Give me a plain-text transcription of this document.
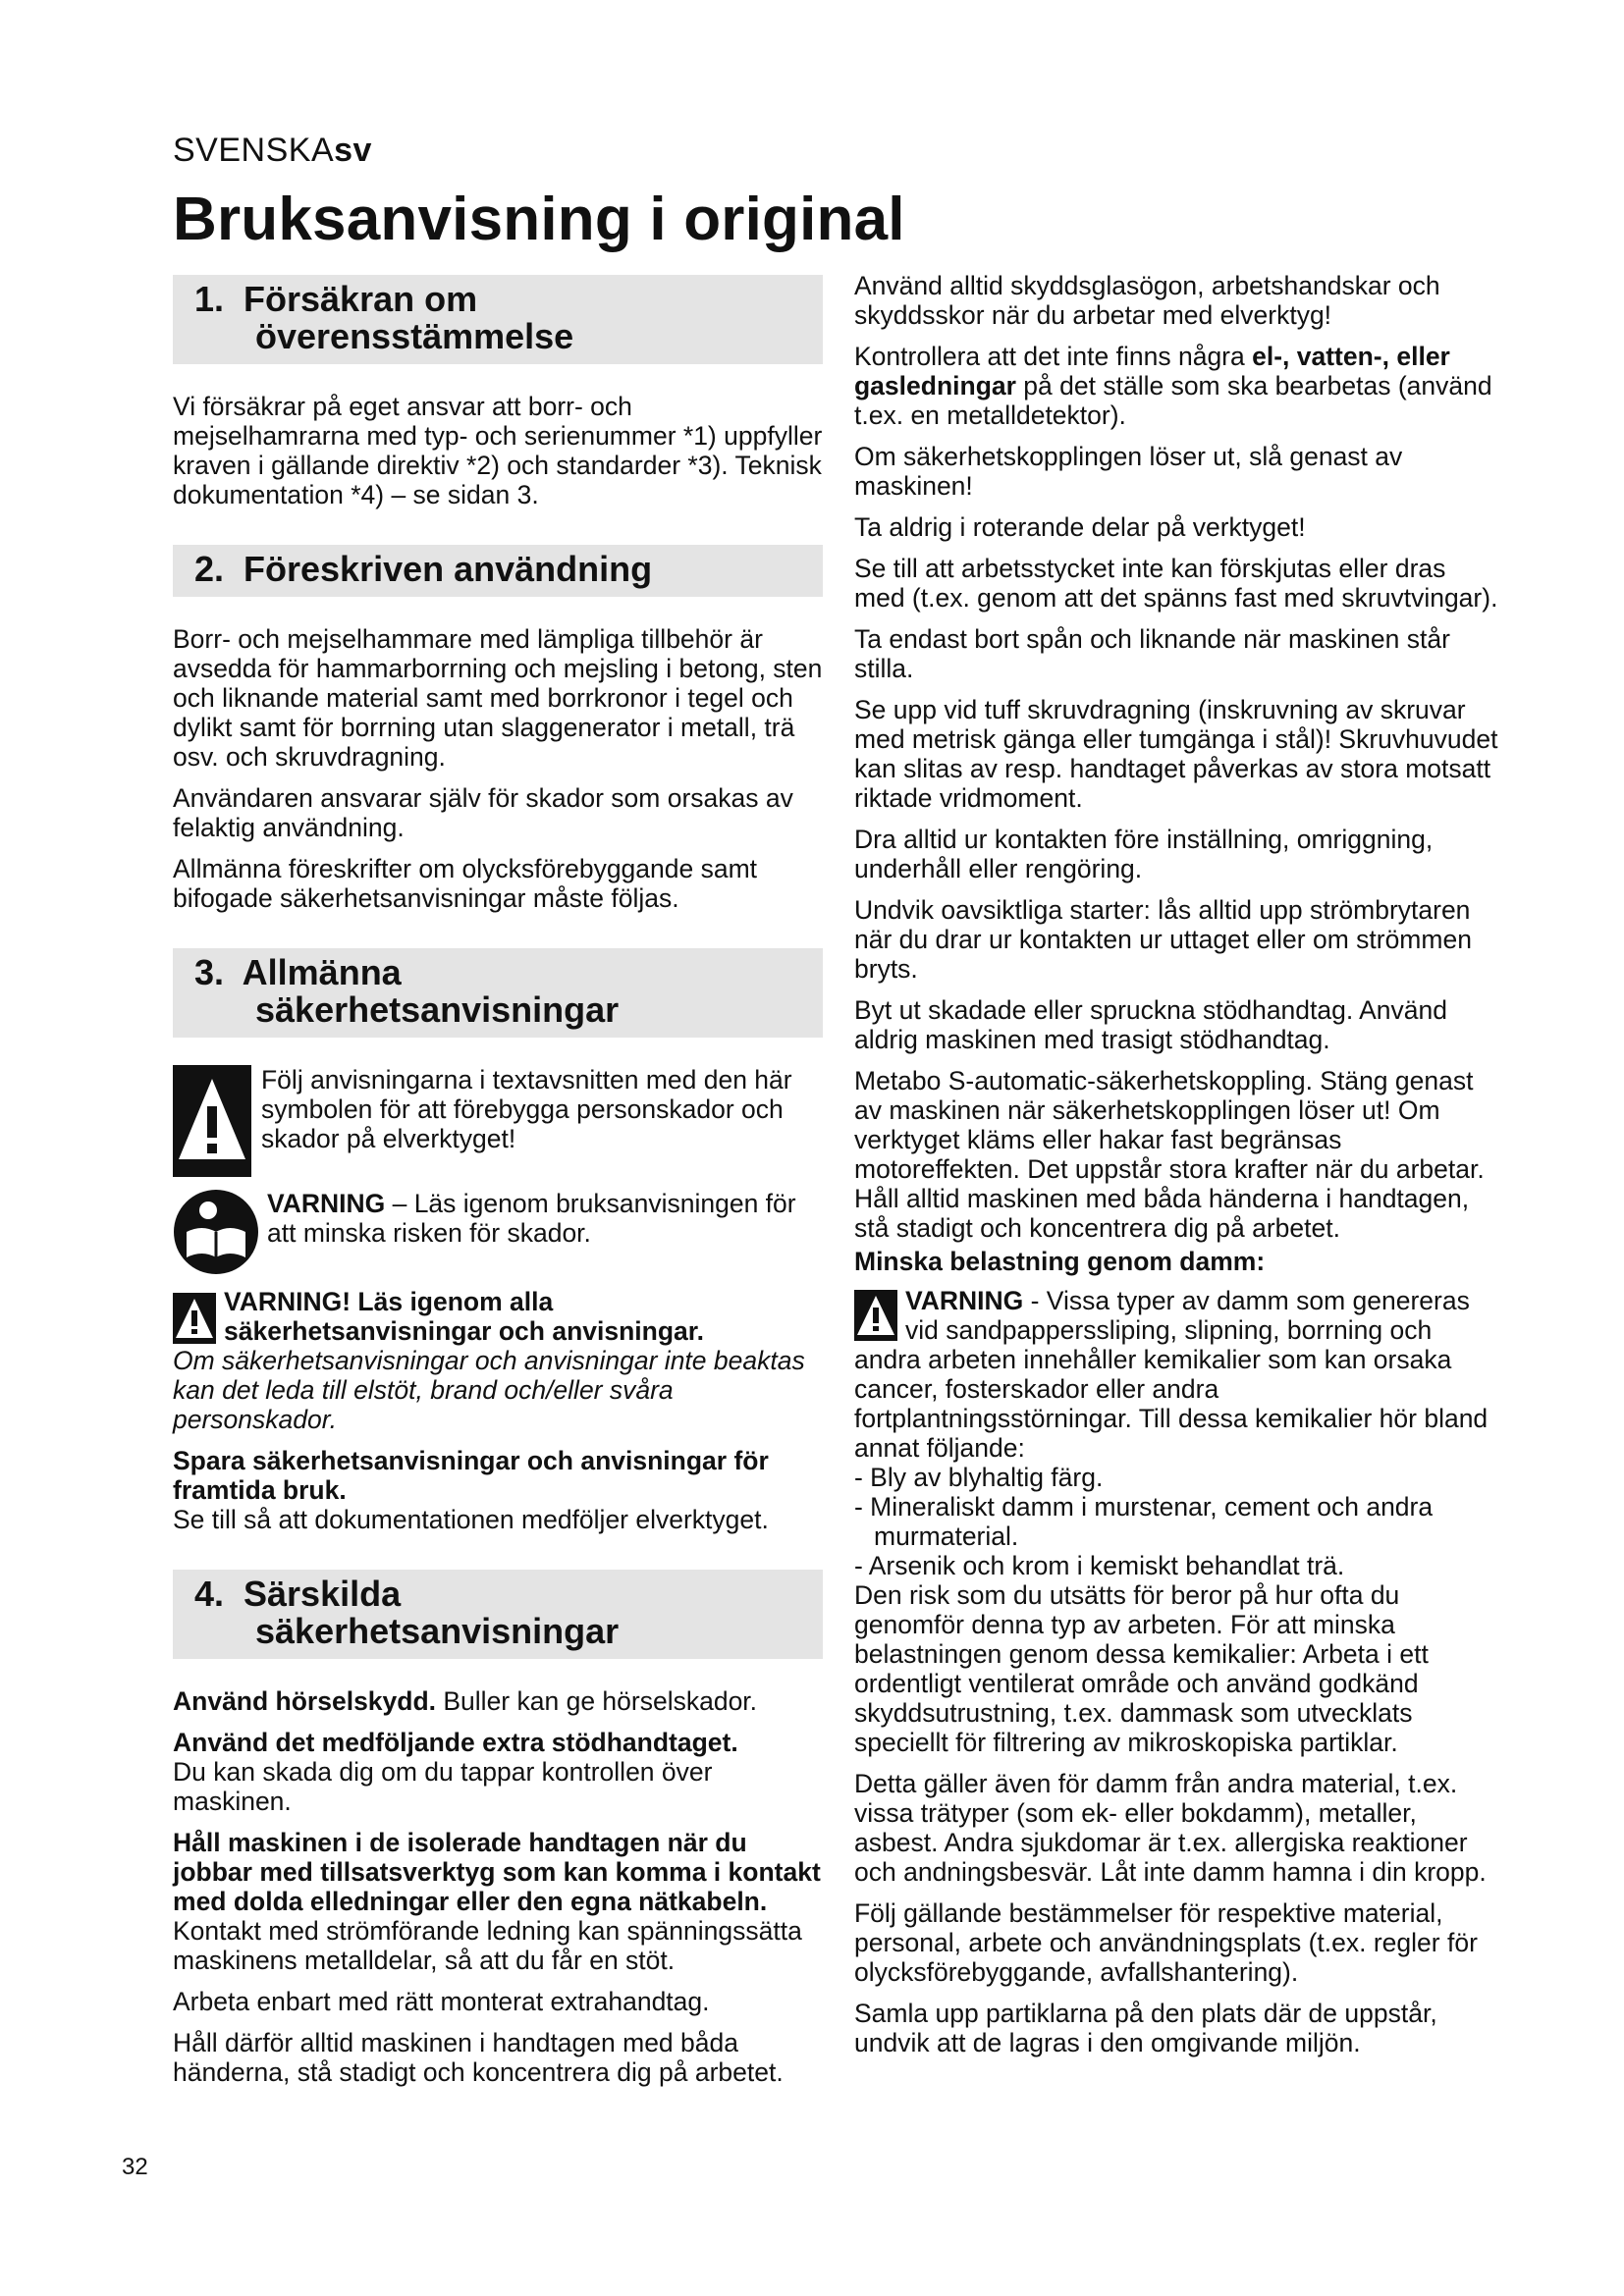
SVENSKAsv
Bruksanvisning i original
1. Försäkran om
överensstämmelse

Vi försäkrar på eget ansvar att borr- och mejselhamrarna med typ- och serienummer *1) uppfyller kraven i gällande direktiv *2) och standarder *3). Teknisk dokumentation *4) – se sidan 3.

2. Föreskriven användning

Borr- och mejselhammare med lämpliga tillbehör är avsedda för hammarborrning och mejsling i betong, sten och liknande material samt med borrkronor i tegel och dylikt samt för borrning utan slaggenerator i metall, trä osv. och skruvdragning.

Användaren ansvarar själv för skador som orsakas av felaktig användning.

Allmänna föreskrifter om olycksförebyggande samt bifogade säkerhetsanvisningar måste följas.

3. Allmänna
säkerhetsanvisningar

Följ anvisningarna i textavsnitten med den här symbolen för att förebygga personskador och skador på elverktyget!

VARNING – Läs igenom bruksanvisningen för att minska risken för skador.

VARNING! Läs igenom alla säkerhetsanvisningar och anvisningar.

Om säkerhetsanvisningar och anvisningar inte beaktas kan det leda till elstöt, brand och/eller svåra personskador.

Spara säkerhetsanvisningar och anvisningar för framtida bruk.

Se till så att dokumentationen medföljer elverktyget.

4. Särskilda
säkerhetsanvisningar

Använd hörselskydd. Buller kan ge hörselskador.

Använd det medföljande extra stödhandtaget.
Du kan skada dig om du tappar kontrollen över maskinen.

Håll maskinen i de isolerade handtagen när du jobbar med tillsatsverktyg som kan komma i kontakt med dolda elledningar eller den egna nätkabeln. Kontakt med strömförande ledning kan spänningssätta maskinens metalldelar, så att du får en stöt.

Arbeta enbart med rätt monterat extrahandtag.

Håll därför alltid maskinen i handtagen med båda händerna, stå stadigt och koncentrera dig på arbetet.

Använd alltid skyddsglasögon, arbetshandskar och skyddsskor när du arbetar med elverktyg!

Kontrollera att det inte finns några el-, vatten-, eller gasledningar på det ställe som ska bearbetas (använd t.ex. en metalldetektor).

Om säkerhetskopplingen löser ut, slå genast av maskinen!

Ta aldrig i roterande delar på verktyget!

Se till att arbetsstycket inte kan förskjutas eller dras med (t.ex. genom att det spänns fast med skruvtvingar).

Ta endast bort spån och liknande när maskinen står stilla.

Se upp vid tuff skruvdragning (inskruvning av skruvar med metrisk gänga eller tumgänga i stål)! Skruvhuvudet kan slitas av resp. handtaget påverkas av stora motsatt riktade vridmoment.

Dra alltid ur kontakten före inställning, omriggning, underhåll eller rengöring.

Undvik oavsiktliga starter: lås alltid upp strömbrytaren när du drar ur kontakten ur uttaget eller om strömmen bryts.

Byt ut skadade eller spruckna stödhandtag. Använd aldrig maskinen med trasigt stödhandtag.

Metabo S-automatic-säkerhetskoppling. Stäng genast av maskinen när säkerhetskopplingen löser ut! Om verktyget kläms eller hakar fast begränsas motoreffekten. Det uppstår stora krafter när du arbetar. Håll alltid maskinen med båda händerna i handtagen, stå stadigt och koncentrera dig på arbetet.

Minska belastning genom damm:

VARNING - Vissa typer av damm som genereras vid sandpapperssliping, slipning, borrning och andra arbeten innehåller kemikalier som kan orsaka cancer, fosterskador eller andra fortplantningsstörningar. Till dessa kemikalier hör bland annat följande:

- Bly av blyhaltig färg.

- Mineraliskt damm i murstenar, cement och andra

murmaterial.

- Arsenik och krom i kemiskt behandlat trä.

Den risk som du utsätts för beror på hur ofta du genomför denna typ av arbeten. För att minska belastningen genom dessa kemikalier: Arbeta i ett ordentligt ventilerat område och använd godkänd skyddsutrustning, t.ex. dammask som utvecklats speciellt för filtrering av mikroskopiska partiklar.

Detta gäller även för damm från andra material, t.ex. vissa trätyper (som ek- eller bokdamm), metaller, asbest. Andra sjukdomar är t.ex. allergiska reaktioner och andningsbesvär. Låt inte damm hamna i din kropp.

Följ gällande bestämmelser för respektive material, personal, arbete och användningsplats (t.ex. regler för olycksförebyggande, avfallshantering).

Samla upp partiklarna på den plats där de uppstår, undvik att de lagras i den omgivande miljön.

32
